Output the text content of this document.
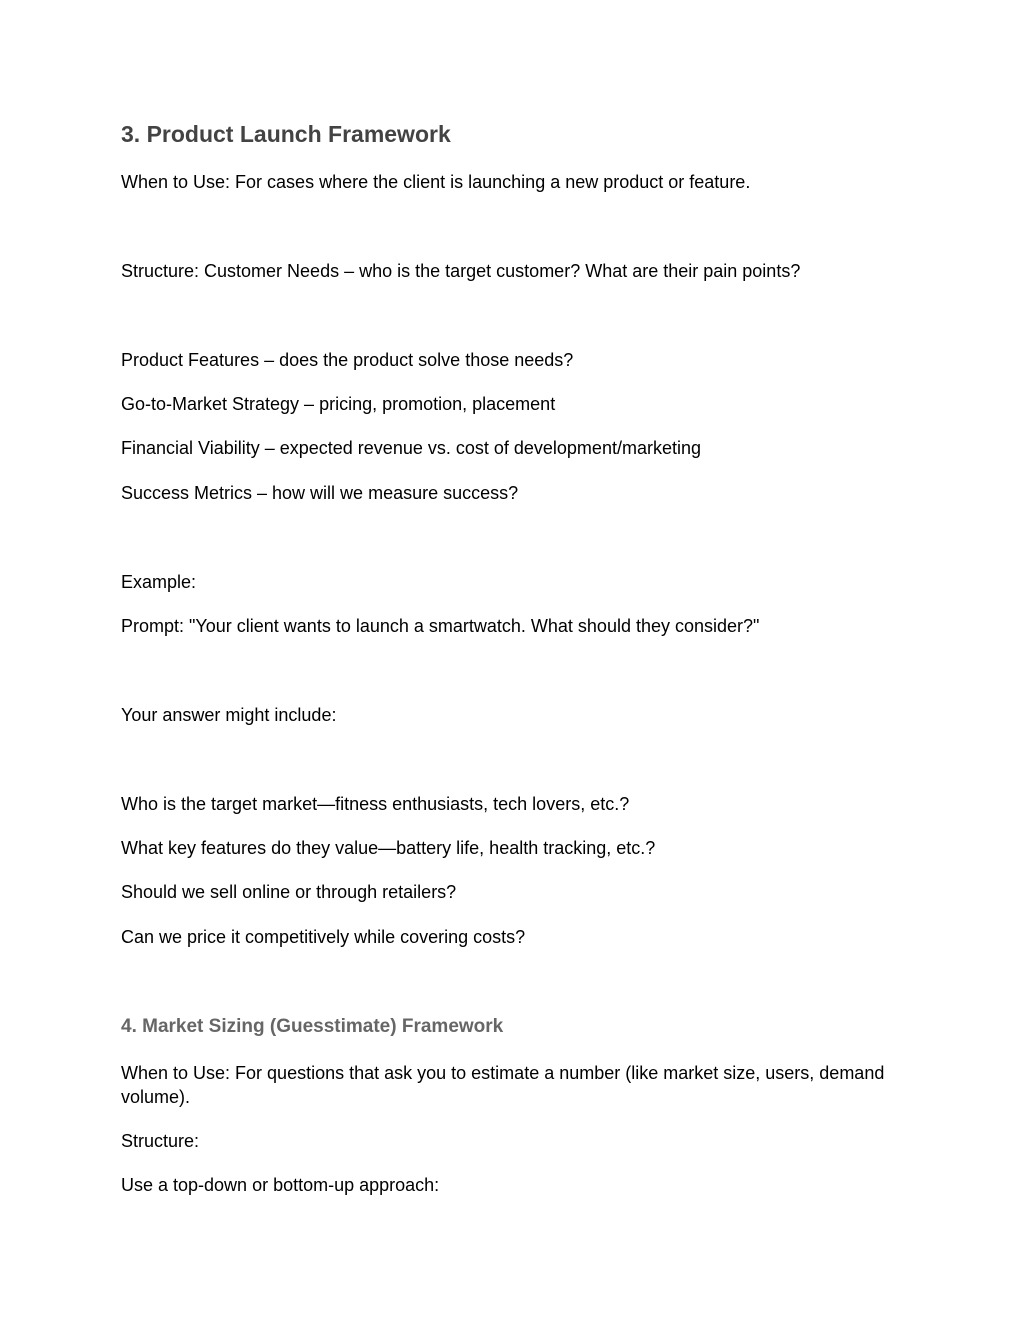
3. Product Launch Framework

When to Use: For cases where the client is launching a new product or feature.

Structure: Customer Needs – who is the target customer? What are their pain points?

Product Features – does the product solve those needs?

Go-to-Market Strategy – pricing, promotion, placement

Financial Viability – expected revenue vs. cost of development/marketing

Success Metrics – how will we measure success?

Example:

Prompt: "Your client wants to launch a smartwatch. What should they consider?"

Your answer might include:

Who is the target market—fitness enthusiasts, tech lovers, etc.?

What key features do they value—battery life, health tracking, etc.?

Should we sell online or through retailers?

Can we price it competitively while covering costs?

4. Market Sizing (Guesstimate) Framework

When to Use: For questions that ask you to estimate a number (like market size, users, demand volume).

Structure:

Use a top-down or bottom-up approach:
